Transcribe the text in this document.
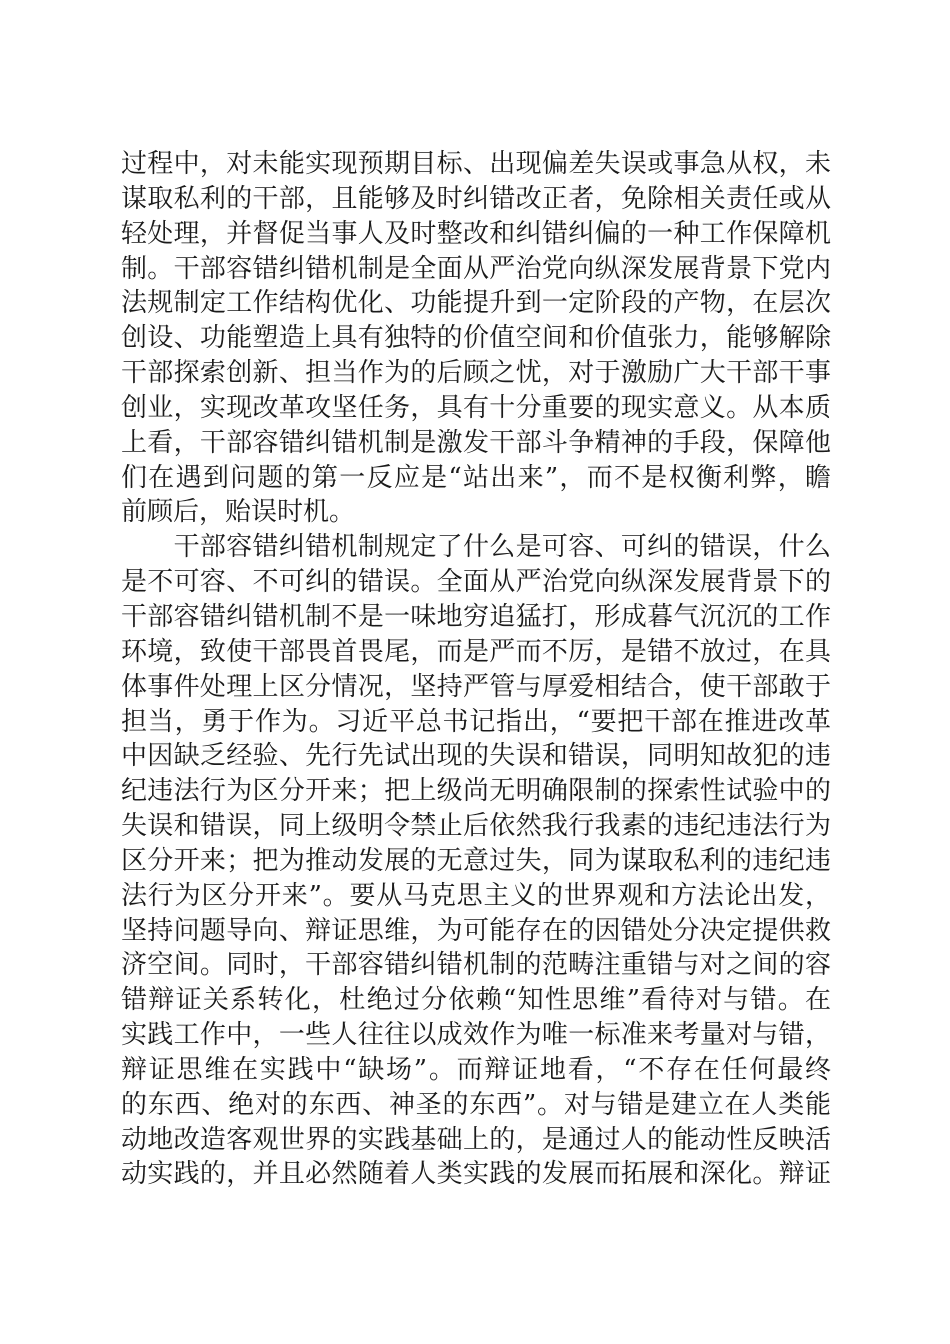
过程中，对未能实现预期目标、出现偏差失误或事急从权，未
谋取私利的干部，且能够及时纠错改正者，免除相关责任或从
轻处理，并督促当事人及时整改和纠错纠偏的一种工作保障机
制。干部容错纠错机制是全面从严治党向纵深发展背景下党内
法规制定工作结构优化、功能提升到一定阶段的产物，在层次
创设、功能塑造上具有独特的价值空间和价值张力，能够解除
干部探索创新、担当作为的后顾之忧，对于激励广大干部干事
创业，实现改革攻坚任务，具有十分重要的现实意义。从本质
上看，干部容错纠错机制是激发干部斗争精神的手段，保障他
们在遇到问题的第一反应是“站出来”，而不是权衡利弊，瞻
前顾后，贻误时机。
　　干部容错纠错机制规定了什么是可容、可纠的错误，什么
是不可容、不可纠的错误。全面从严治党向纵深发展背景下的
干部容错纠错机制不是一味地穷追猛打，形成暮气沉沉的工作
环境，致使干部畏首畏尾，而是严而不厉，是错不放过，在具
体事件处理上区分情况，坚持严管与厚爱相结合，使干部敢于
担当，勇于作为。习近平总书记指出，“要把干部在推进改革
中因缺乏经验、先行先试出现的失误和错误，同明知故犯的违
纪违法行为区分开来；把上级尚无明确限制的探索性试验中的
失误和错误，同上级明令禁止后依然我行我素的违纪违法行为
区分开来；把为推动发展的无意过失，同为谋取私利的违纪违
法行为区分开来”。要从马克思主义的世界观和方法论出发，
坚持问题导向、辩证思维，为可能存在的因错处分决定提供救
济空间。同时，干部容错纠错机制的范畴注重错与对之间的容
错辩证关系转化，杜绝过分依赖“知性思维”看待对与错。在
实践工作中，一些人往往以成效作为唯一标准来考量对与错，
辩证思维在实践中“缺场”。而辩证地看，“不存在任何最终
的东西、绝对的东西、神圣的东西”。对与错是建立在人类能
动地改造客观世界的实践基础上的，是通过人的能动性反映活
动实践的，并且必然随着人类实践的发展而拓展和深化。辩证
